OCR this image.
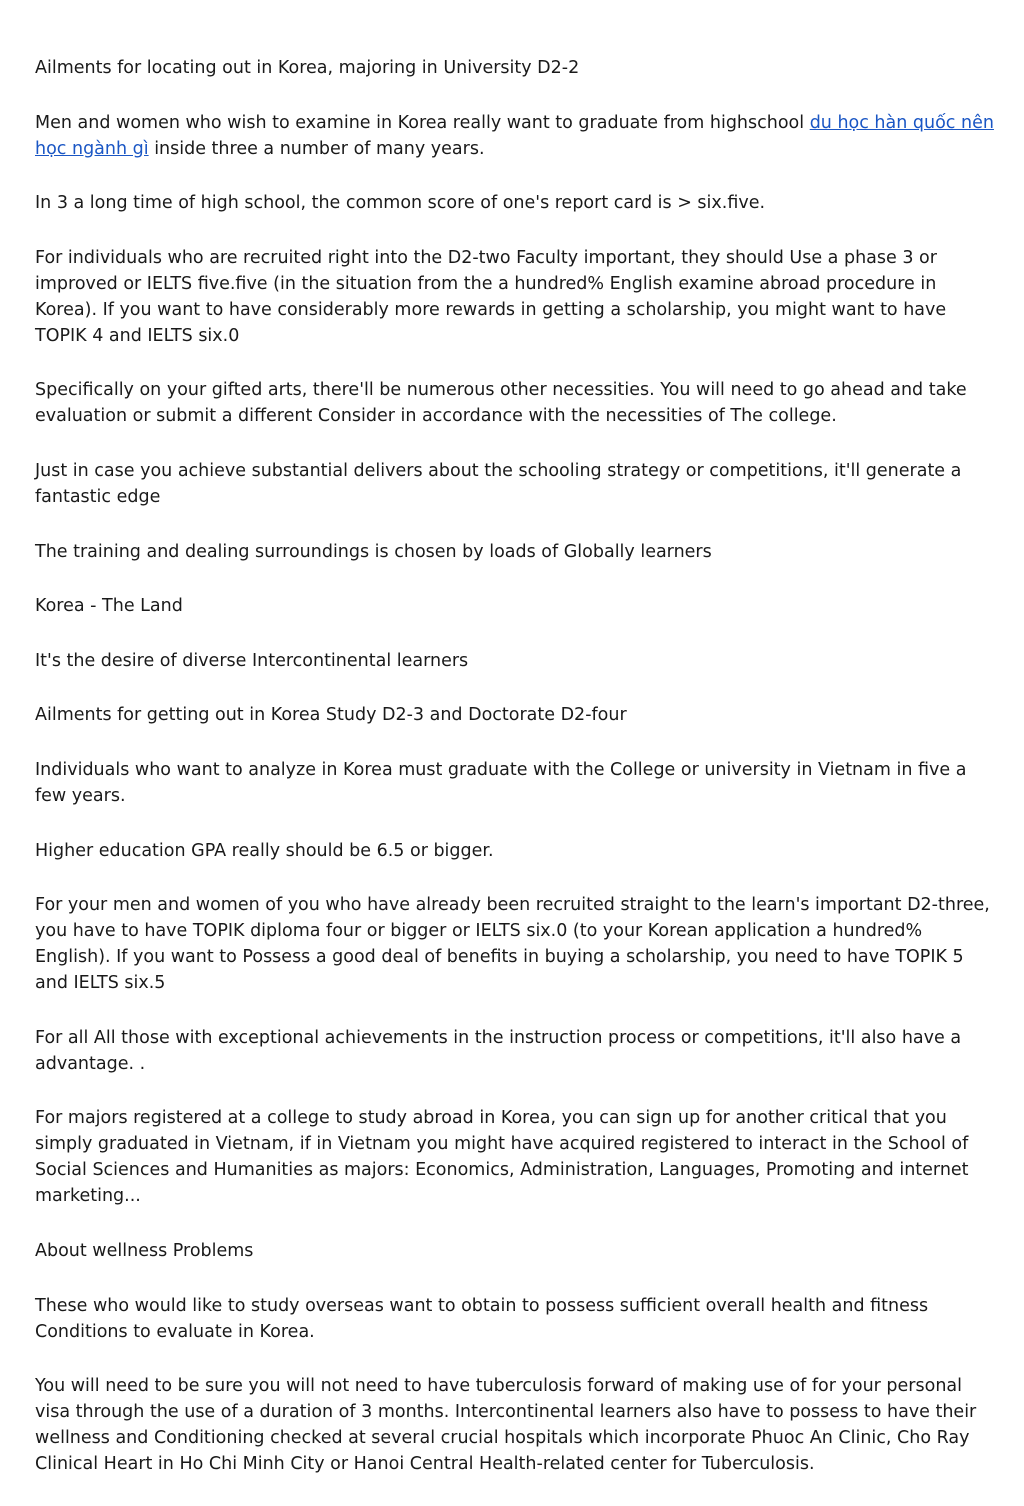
Ailments for locating out in Korea, majoring in University D2-2

Men and women who wish to examine in Korea really want to graduate from highschool du học hàn quốc nên học ngành gì inside three a number of many years.

In 3 a long time of high school, the common score of one's report card is > six.five.

For individuals who are recruited right into the D2-two Faculty important, they should Use a phase 3 or improved or IELTS five.five (in the situation from the a hundred% English examine abroad procedure in Korea). If you want to have considerably more rewards in getting a scholarship, you might want to have TOPIK 4 and IELTS six.0

Specifically on your gifted arts, there'll be numerous other necessities. You will need to go ahead and take evaluation or submit a different Consider in accordance with the necessities of The college.

Just in case you achieve substantial delivers about the schooling strategy or competitions, it'll generate a fantastic edge

The training and dealing surroundings is chosen by loads of Globally learners

Korea - The Land

It's the desire of diverse Intercontinental learners

Ailments for getting out in Korea Study D2-3 and Doctorate D2-four

Individuals who want to analyze in Korea must graduate with the College or university in Vietnam in five a few years.

Higher education GPA really should be 6.5 or bigger.

For your men and women of you who have already been recruited straight to the learn's important D2-three, you have to have TOPIK diploma four or bigger or IELTS six.0 (to your Korean application a hundred% English). If you want to Possess a good deal of benefits in buying a scholarship, you need to have TOPIK 5 and IELTS six.5

For all All those with exceptional achievements in the instruction process or competitions, it'll also have a advantage. .

For majors registered at a college to study abroad in Korea, you can sign up for another critical that you simply graduated in Vietnam, if in Vietnam you might have acquired registered to interact in the School of Social Sciences and Humanities as majors: Economics, Administration, Languages, Promoting and internet marketing...

About wellness Problems

These who would like to study overseas want to obtain to possess sufficient overall health and fitness Conditions to evaluate in Korea.

You will need to be sure you will not need to have tuberculosis forward of making use of for your personal visa through the use of a duration of 3 months. Intercontinental learners also have to possess to have their wellness and Conditioning checked at several crucial hospitals which incorporate Phuoc An Clinic, Cho Ray Clinical Heart in Ho Chi Minh City or Hanoi Central Health-related center for Tuberculosis.
